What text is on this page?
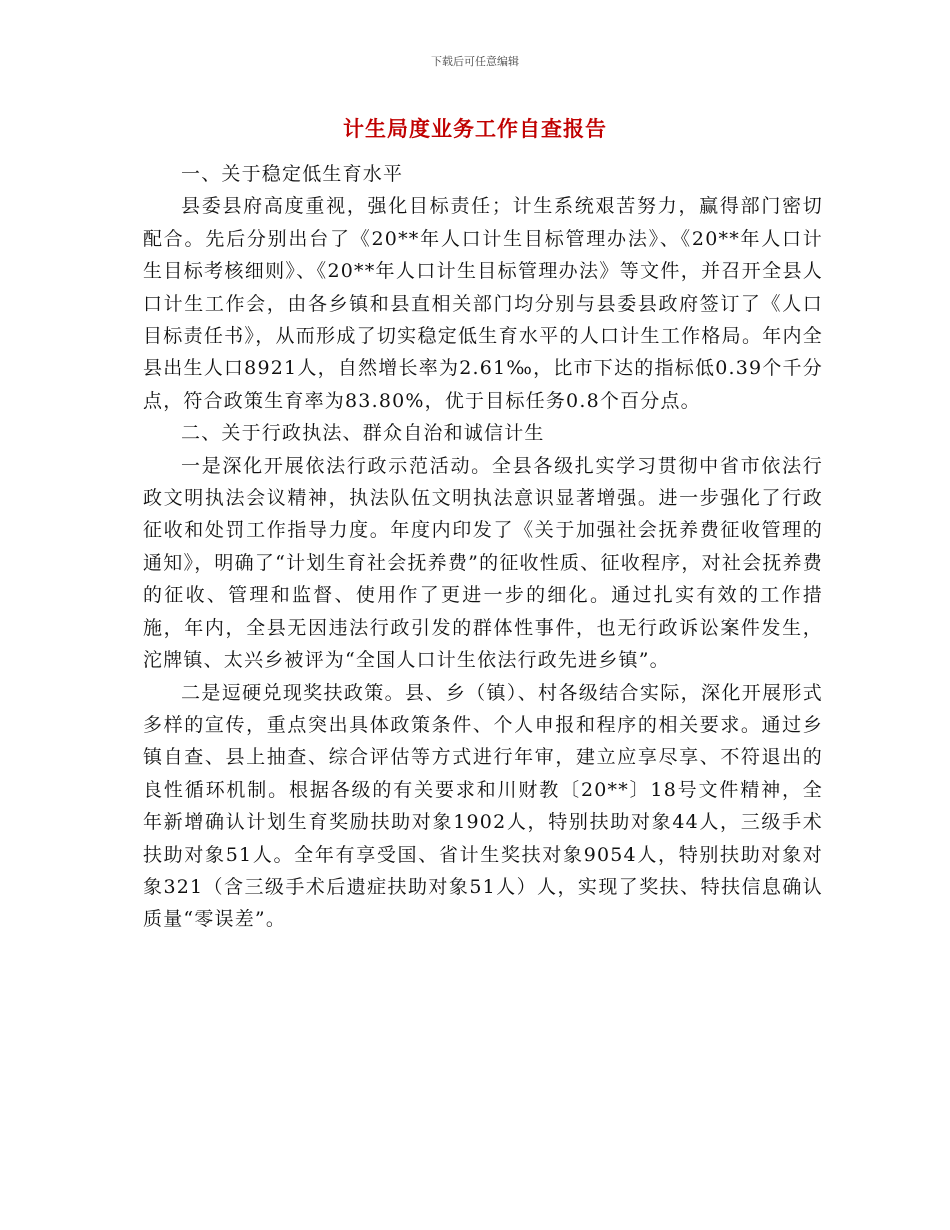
下载后可任意编辑
计生局度业务工作自查报告

一、关于稳定低生育水平

县委县府高度重视，强化目标责任；计生系统艰苦努力，赢得部门密切配合。先后分别出台了《20**年人口计生目标管理办法》、《20**年人口计生目标考核细则》、《20**年人口计生目标管理办法》等文件，并召开全县人口计生工作会，由各乡镇和县直相关部门均分别与县委县政府签订了《人口目标责任书》，从而形成了切实稳定低生育水平的人口计生工作格局。年内全县出生人口8921人，自然增长率为2.61‰，比市下达的指标低0.39个千分点，符合政策生育率为83.80%，优于目标任务0.8个百分点。

二、关于行政执法、群众自治和诚信计生

一是深化开展依法行政示范活动。全县各级扎实学习贯彻中省市依法行政文明执法会议精神，执法队伍文明执法意识显著增强。进一步强化了行政征收和处罚工作指导力度。年度内印发了《关于加强社会抚养费征收管理的通知》，明确了“计划生育社会抚养费”的征收性质、征收程序，对社会抚养费的征收、管理和监督、使用作了更进一步的细化。通过扎实有效的工作措施，年内，全县无因违法行政引发的群体性事件，也无行政诉讼案件发生，沱牌镇、太兴乡被评为“全国人口计生依法行政先进乡镇”。

二是逗硬兑现奖扶政策。县、乡（镇）、村各级结合实际，深化开展形式多样的宣传，重点突出具体政策条件、个人申报和程序的相关要求。通过乡镇自查、县上抽查、综合评估等方式进行年审，建立应享尽享、不符退出的良性循环机制。根据各级的有关要求和川财教〔20**〕18号文件精神，全年新增确认计划生育奖励扶助对象1902人，特别扶助对象44人，三级手术扶助对象51人。全年有享受国、省计生奖扶对象9054人，特别扶助对象对象321（含三级手术后遗症扶助对象51人）人，实现了奖扶、特扶信息确认质量“零误差”。
